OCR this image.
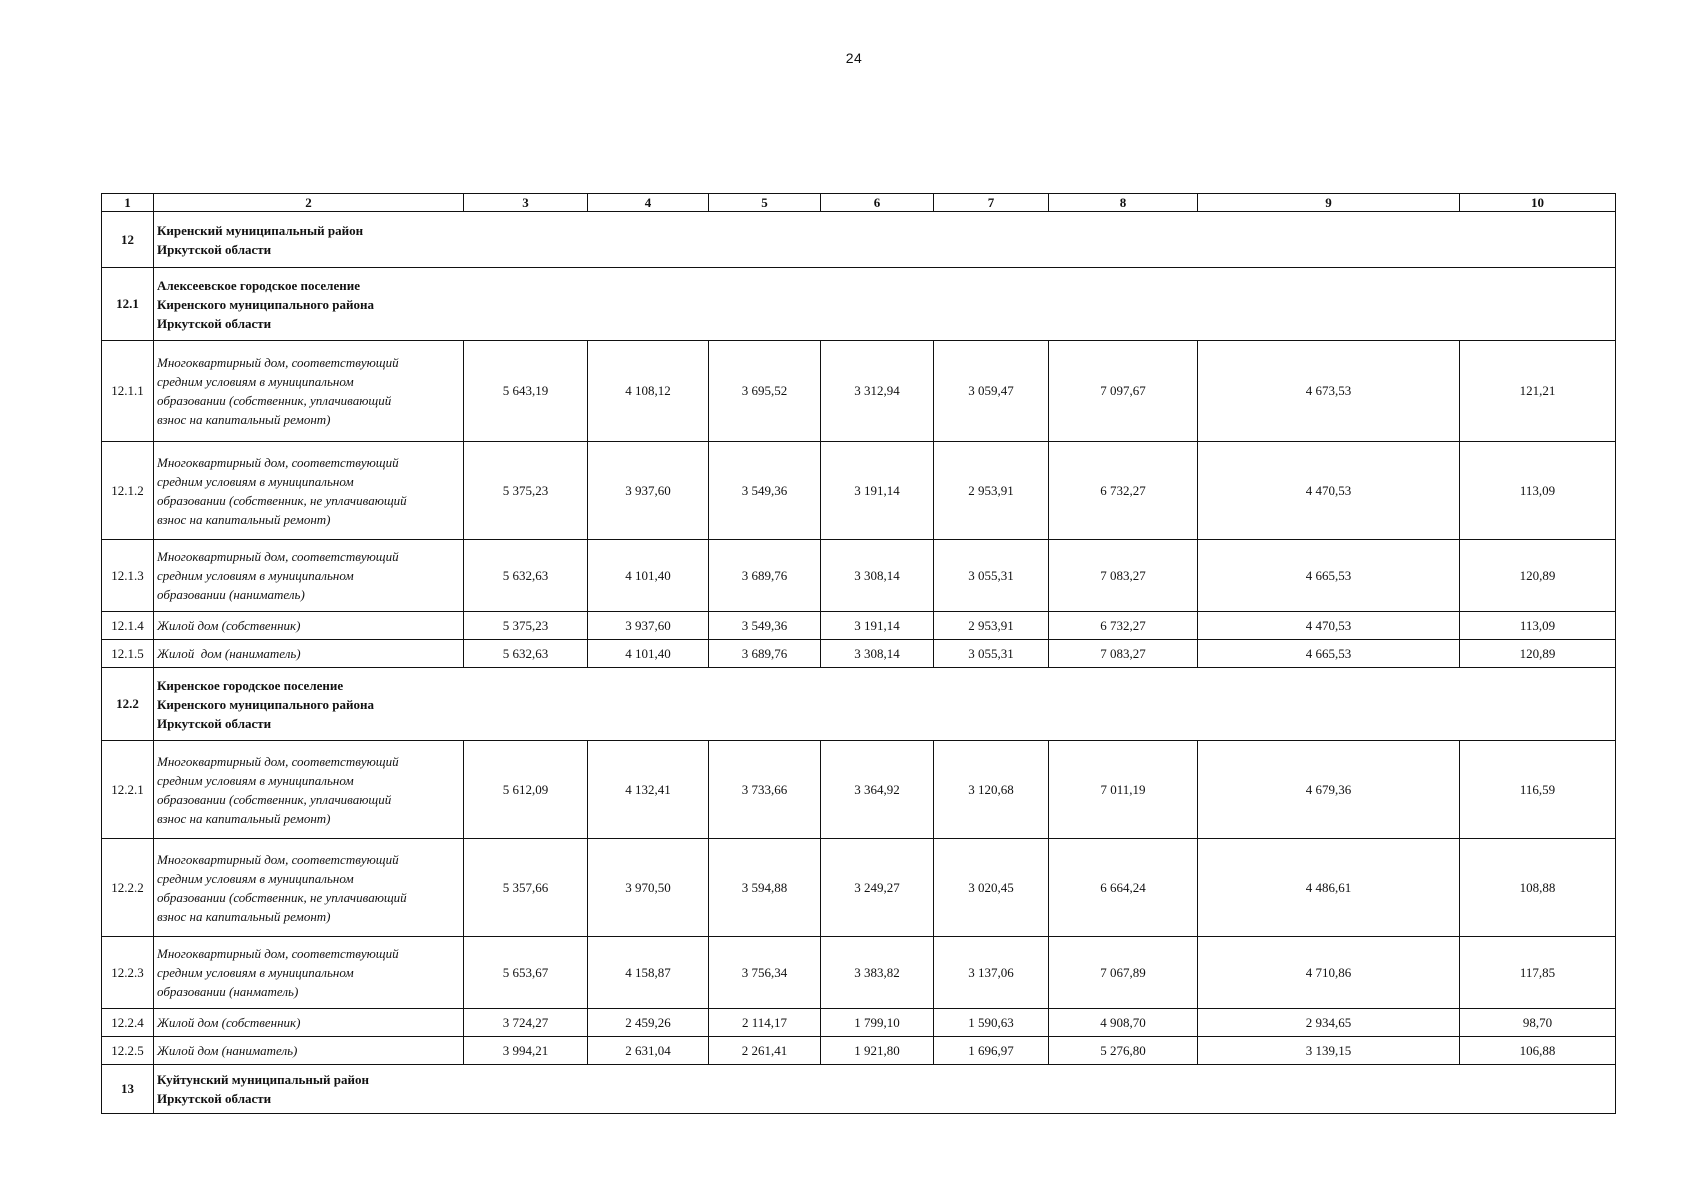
24
1	2	3	4	5	6	7	8	9	10
12	Киренский муниципальный район
Иркутской области								
12.1	Алексеевское городское поселение
Киренского муниципального района
Иркутской области								
12.1.1	Многоквартирный дом, соответствующий
средним условиям в муниципальном
образовании (собственник, уплачивающий
взнос на капитальный ремонт)	5 643,19	4 108,12	3 695,52	3 312,94	3 059,47	7 097,67	4 673,53	121,21
12.1.2	Многоквартирный дом, соответствующий
средним условиям в муниципальном
образовании (собственник, не уплачивающий
взнос на капитальный ремонт)	5 375,23	3 937,60	3 549,36	3 191,14	2 953,91	6 732,27	4 470,53	113,09
12.1.3	Многоквартирный дом, соответствующий
средним условиям в муниципальном
образовании (наниматель)	5 632,63	4 101,40	3 689,76	3 308,14	3 055,31	7 083,27	4 665,53	120,89
12.1.4	Жилой дом (собственник)	5 375,23	3 937,60	3 549,36	3 191,14	2 953,91	6 732,27	4 470,53	113,09
12.1.5	Жилой  дом (наниматель)	5 632,63	4 101,40	3 689,76	3 308,14	3 055,31	7 083,27	4 665,53	120,89
12.2	Киренское городское поселение
Киренского муниципального района
Иркутской области								
12.2.1	Многоквартирный дом, соответствующий
средним условиям в муниципальном
образовании (собственник, уплачивающий
взнос на капитальный ремонт)	5 612,09	4 132,41	3 733,66	3 364,92	3 120,68	7 011,19	4 679,36	116,59
12.2.2	Многоквартирный дом, соответствующий
средним условиям в муниципальном
образовании (собственник, не уплачивающий
взнос на капитальный ремонт)	5 357,66	3 970,50	3 594,88	3 249,27	3 020,45	6 664,24	4 486,61	108,88
12.2.3	Многоквартирный дом, соответствующий
средним условиям в муниципальном
образовании (нанматель)	5 653,67	4 158,87	3 756,34	3 383,82	3 137,06	7 067,89	4 710,86	117,85
12.2.4	Жилой дом (собственник)	3 724,27	2 459,26	2 114,17	1 799,10	1 590,63	4 908,70	2 934,65	98,70
12.2.5	Жилой дом (наниматель)	3 994,21	2 631,04	2 261,41	1 921,80	1 696,97	5 276,80	3 139,15	106,88
13	Куйтунский муниципальный район
Иркутской области								
